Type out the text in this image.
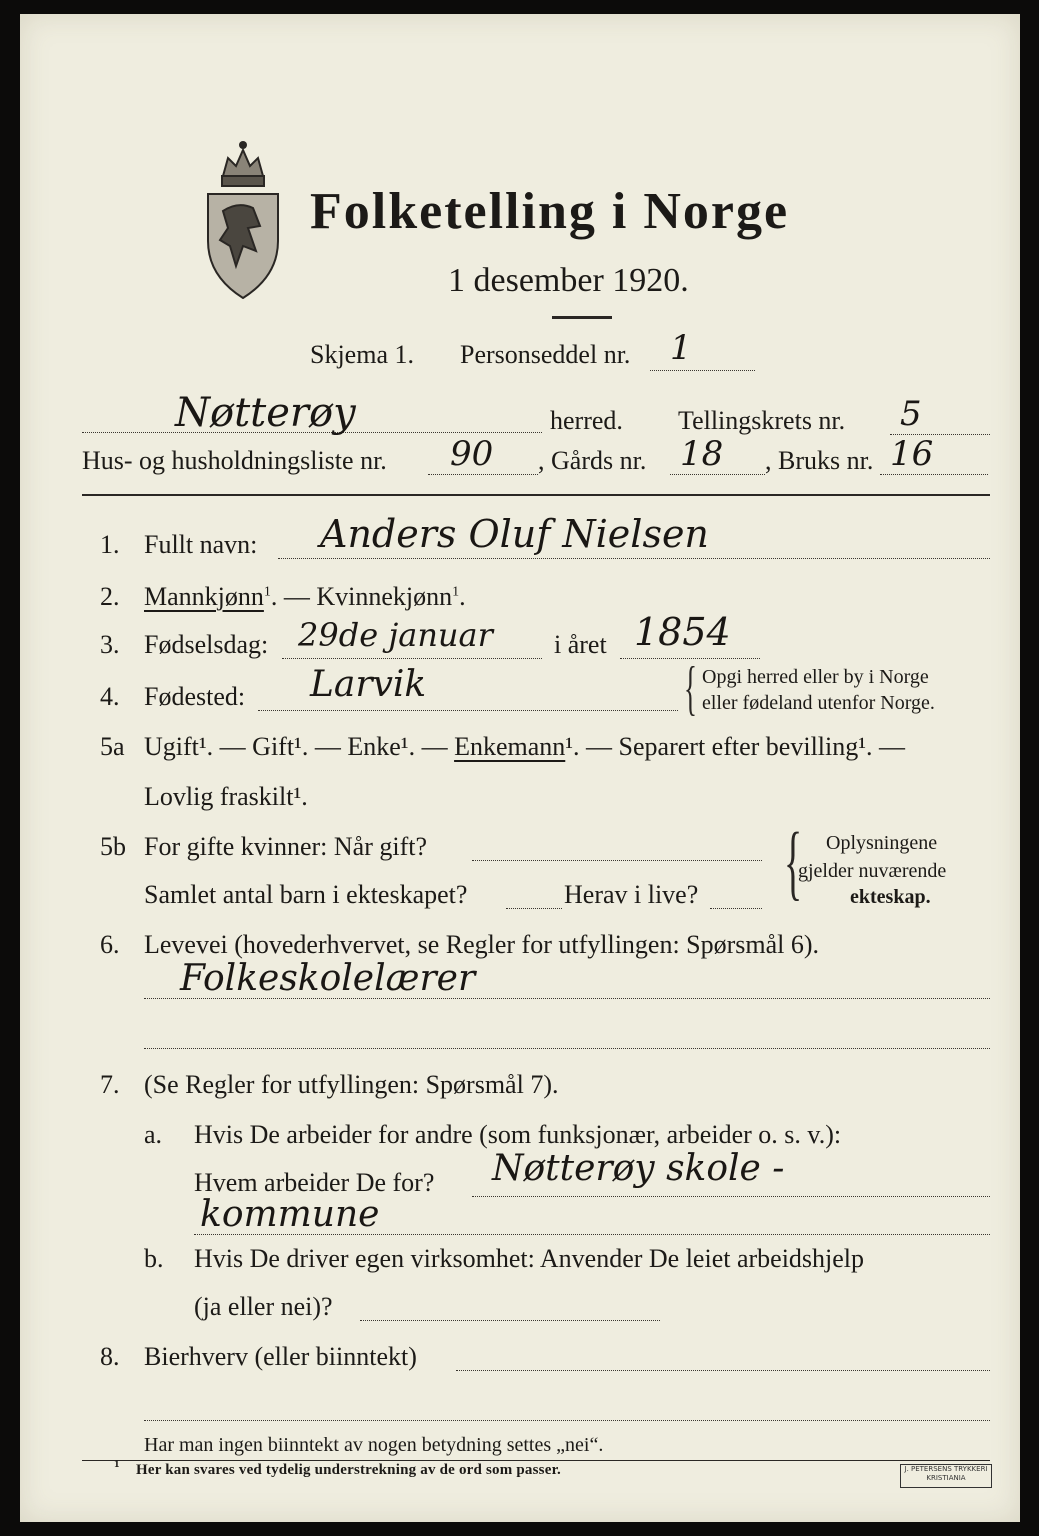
Folketelling i Norge
1 desember 1920.
Skjema 1. Personseddel nr. 1
Nøtterøy	herred. Tellingskrets nr. 5
Hus- og husholdningsliste nr. 90 , Gårds nr. 18 , Bruks nr. 16
1. Fullt navn: Anders Oluf Nielsen
2. Mannkjønn$^1$. — Kvinnekjønn$^1$.
3. Fødselsdag: 29de januar i året 1854
4. Fødested: Larvik	{ Opgi herred eller by i Norge
eller fødeland utenfor Norge.
5a Ugift¹. — Gift¹. — Enke¹. — Enkemann¹. — Separert efter bevilling¹. —
Lovlig fraskilt¹.
5b For gifte kvinner: Når gift?
Samlet antal barn i ekteskapet?	Herav i live? { Oplysningene
gjelder nuværende
ekteskap.
6. Levevei (hovederhvervet, se Regler for utfyllingen: Spørsmål 6).
Folkeskolelærer
7. (Se Regler for utfyllingen: Spørsmål 7).
a. Hvis De arbeider for andre (som funksjonær, arbeider o. s. v.):
Hvem arbeider De for? Nøtterøy skole -
kommune
b. Hvis De driver egen virksomhet: Anvender De leiet arbeidshjelp
(ja eller nei)?
8. Bierhverv (eller biinntekt)
Har man ingen biinntekt av nogen betydning settes „nei“.
1 Her kan svares ved tydelig understrekning av de ord som passer.	J. PETERSENS TRYKKERI KRISTIANIA
